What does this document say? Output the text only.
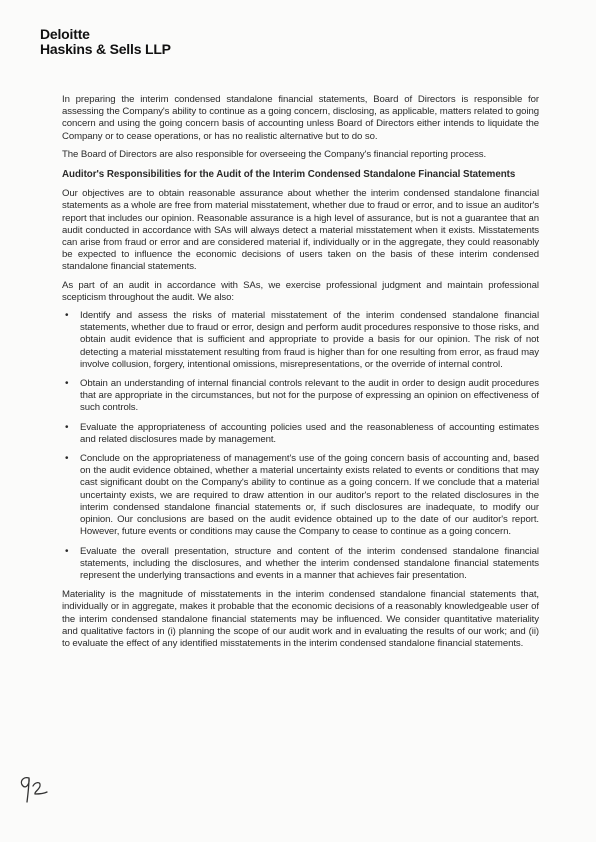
Deloitte
Haskins & Sells LLP

In preparing the interim condensed standalone financial statements, Board of Directors is responsible for assessing the Company's ability to continue as a going concern, disclosing, as applicable, matters related to going concern and using the going concern basis of accounting unless Board of Directors either intends to liquidate the Company or to cease operations, or has no realistic alternative but to do so.

The Board of Directors are also responsible for overseeing the Company's financial reporting process.

Auditor's Responsibilities for the Audit of the Interim Condensed Standalone Financial Statements

Our objectives are to obtain reasonable assurance about whether the interim condensed standalone financial statements as a whole are free from material misstatement, whether due to fraud or error, and to issue an auditor's report that includes our opinion. Reasonable assurance is a high level of assurance, but is not a guarantee that an audit conducted in accordance with SAs will always detect a material misstatement when it exists. Misstatements can arise from fraud or error and are considered material if, individually or in the aggregate, they could reasonably be expected to influence the economic decisions of users taken on the basis of these interim condensed standalone financial statements.

As part of an audit in accordance with SAs, we exercise professional judgment and maintain professional scepticism throughout the audit. We also:

• Identify and assess the risks of material misstatement of the interim condensed standalone financial statements, whether due to fraud or error, design and perform audit procedures responsive to those risks, and obtain audit evidence that is sufficient and appropriate to provide a basis for our opinion. The risk of not detecting a material misstatement resulting from fraud is higher than for one resulting from error, as fraud may involve collusion, forgery, intentional omissions, misrepresentations, or the override of internal control.
• Obtain an understanding of internal financial controls relevant to the audit in order to design audit procedures that are appropriate in the circumstances, but not for the purpose of expressing an opinion on effectiveness of such controls.
• Evaluate the appropriateness of accounting policies used and the reasonableness of accounting estimates and related disclosures made by management.
• Conclude on the appropriateness of management's use of the going concern basis of accounting and, based on the audit evidence obtained, whether a material uncertainty exists related to events or conditions that may cast significant doubt on the Company's ability to continue as a going concern. If we conclude that a material uncertainty exists, we are required to draw attention in our auditor's report to the related disclosures in the interim condensed standalone financial statements or, if such disclosures are inadequate, to modify our opinion. Our conclusions are based on the audit evidence obtained up to the date of our auditor's report. However, future events or conditions may cause the Company to cease to continue as a going concern.
• Evaluate the overall presentation, structure and content of the interim condensed standalone financial statements, including the disclosures, and whether the interim condensed standalone financial statements represent the underlying transactions and events in a manner that achieves fair presentation.

Materiality is the magnitude of misstatements in the interim condensed standalone financial statements that, individually or in aggregate, makes it probable that the economic decisions of a reasonably knowledgeable user of the interim condensed standalone financial statements may be influenced. We consider quantitative materiality and qualitative factors in (i) planning the scope of our audit work and in evaluating the results of our work; and (ii) to evaluate the effect of any identified misstatements in the interim condensed standalone financial statements.
